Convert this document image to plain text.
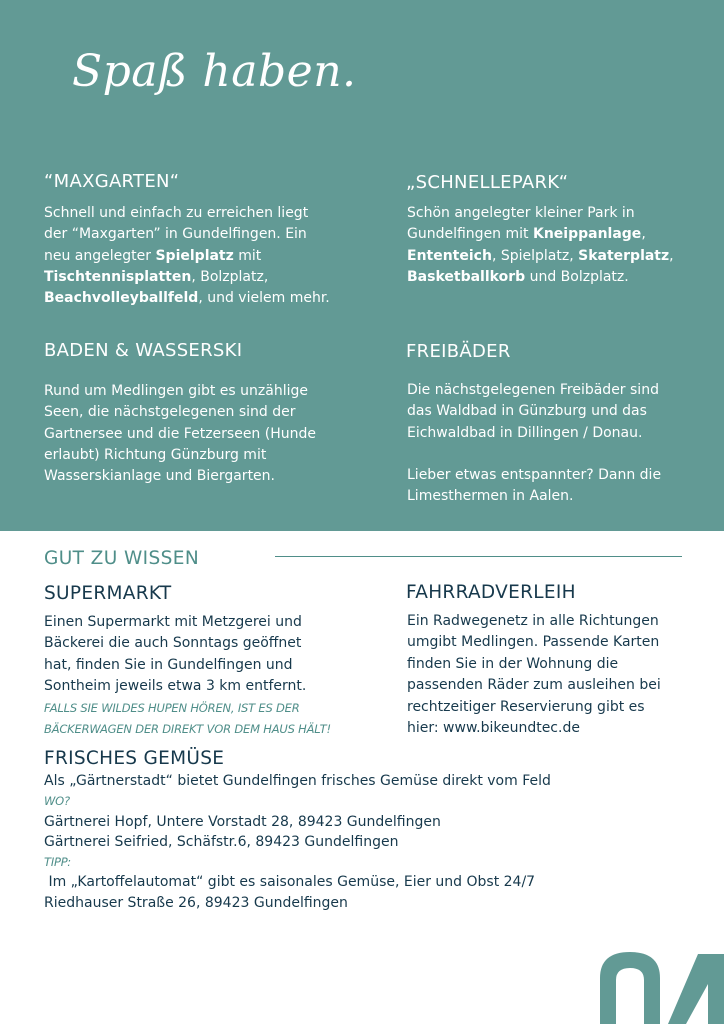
Spaß haben.
“MAXGARTEN“

Schnell und einfach zu erreichen liegt
der “Maxgarten” in Gundelfingen. Ein
neu angelegter Spielplatz mit
Tischtennisplatten, Bolzplatz,
Beachvolleyballfeld, und vielem mehr.

„SCHNELLEPARK“

Schön angelegter kleiner Park in
Gundelfingen mit Kneippanlage,
Ententeich, Spielplatz, Skaterplatz,
Basketballkorb und Bolzplatz.

BADEN & WASSERSKI

Rund um Medlingen gibt es unzählige
Seen, die nächstgelegenen sind der
Gartnersee und die Fetzerseen (Hunde
erlaubt) Richtung Günzburg mit
Wasserskianlage und Biergarten.

FREIBÄDER

Die nächstgelegenen Freibäder sind
das Waldbad in Günzburg und das
Eichwaldbad in Dillingen / Donau.

Lieber etwas entspannter? Dann die
Limesthermen in Aalen.

GUT ZU WISSEN
SUPERMARKT

Einen Supermarkt mit Metzgerei und
Bäckerei die auch Sonntags geöffnet
hat, finden Sie in Gundelfingen und
Sontheim jeweils etwa 3 km entfernt.
FALLS SIE WILDES HUPEN HÖREN, IST ES DER
BÄCKERWAGEN DER DIREKT VOR DEM HAUS HÄLT!

FAHRRADVERLEIH

Ein Radwegenetz in alle Richtungen
umgibt Medlingen. Passende Karten
finden Sie in der Wohnung die
passenden Räder zum ausleihen bei
rechtzeitiger Reservierung gibt es
hier: www.bikeundtec.de

FRISCHES GEMÜSE

Als „Gärtnerstadt“ bietet Gundelfingen frisches Gemüse direkt vom Feld
WO?
Gärtnerei Hopf, Untere Vorstadt 28, 89423 Gundelfingen
Gärtnerei Seifried, Schäfstr.6, 89423 Gundelfingen
TIPP:
Im „Kartoffelautomat“ gibt es saisonales Gemüse, Eier und Obst 24/7
Riedhauser Straße 26, 89423 Gundelfingen
